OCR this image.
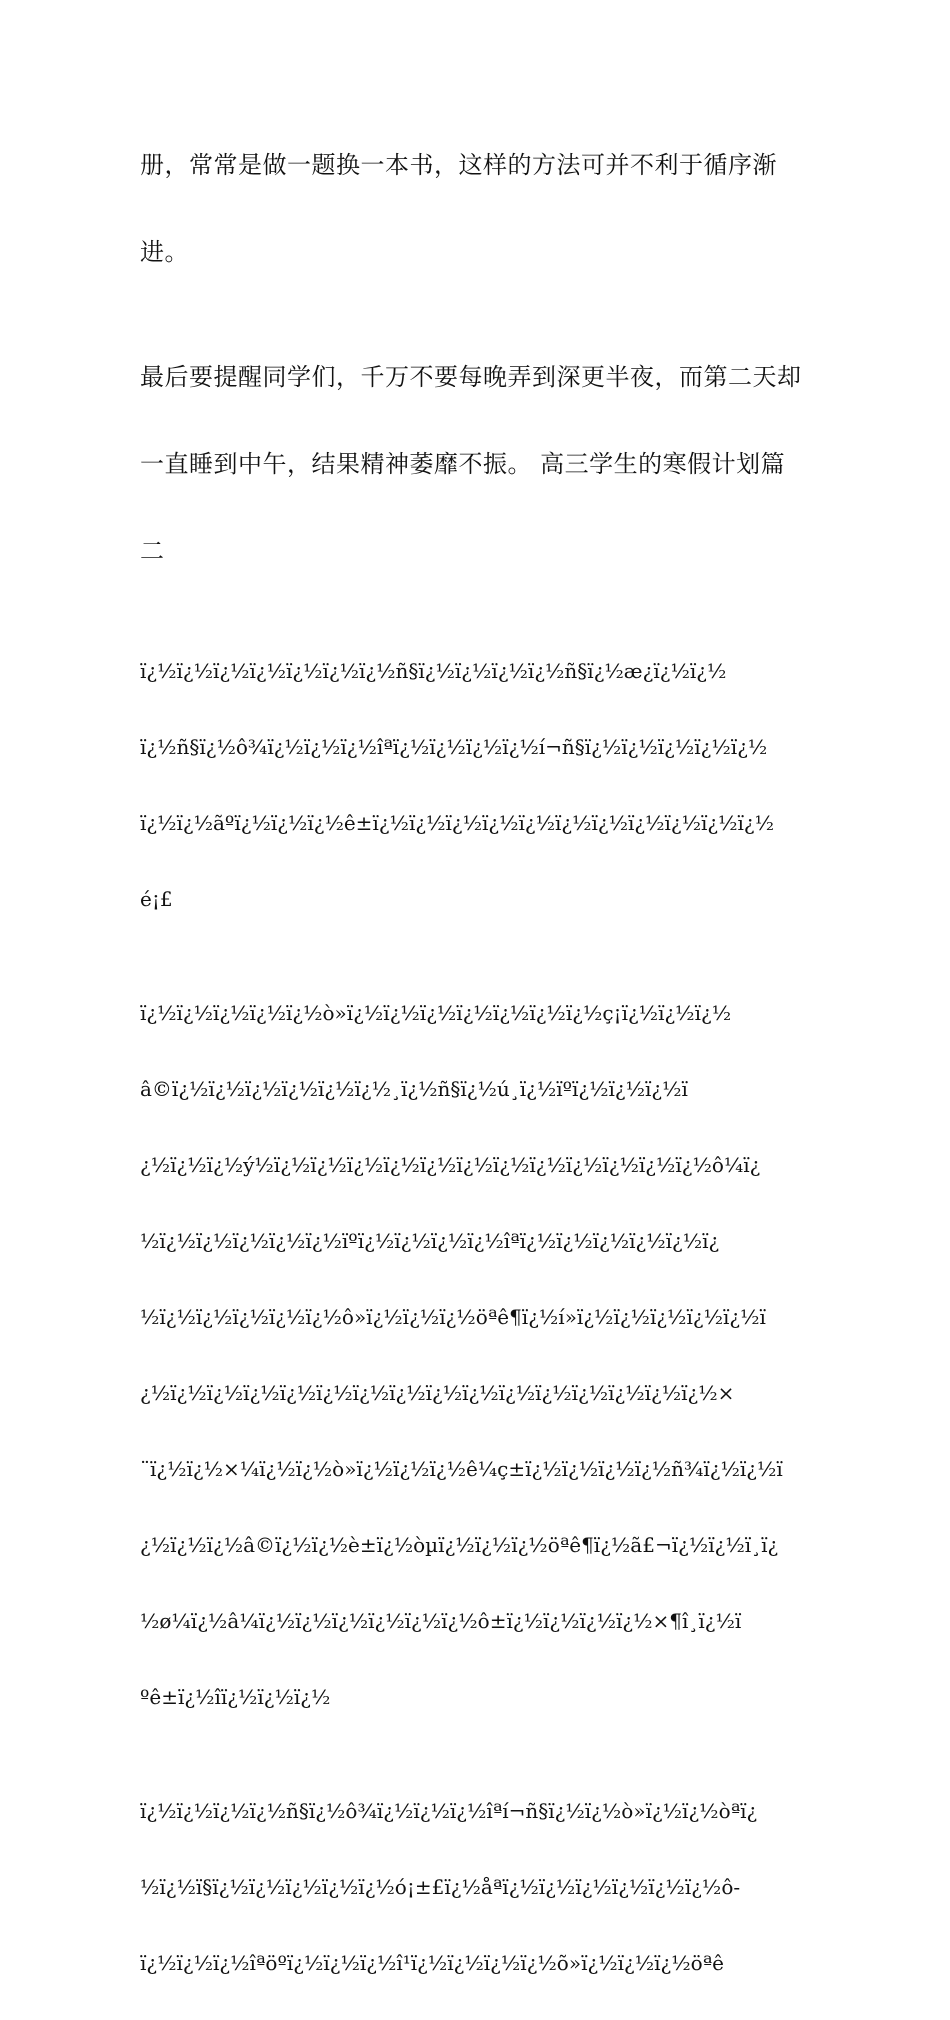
册，常常是做一题换一本书，这样的方法可并不利于循序渐

进。

最后要提醒同学们，千万不要每晚弄到深更半夜，而第二天却

一直睡到中午，结果精神萎靡不振。 高三学生的寒假计划篇

二

ï¿½ï¿½ï¿½ï¿½ï¿½ï¿½ï¿½ñ§ï¿½ï¿½ï¿½ï¿½ñ§ï¿½æ¿ï¿½ï¿½

ï¿½ñ§ï¿½ô¾ï¿½ï¿½ï¿½îªï¿½ï¿½ï¿½ï¿½í¬ñ§ï¿½ï¿½ï¿½ï¿½ï¿½

ï¿½ï¿½ãºï¿½ï¿½ï¿½ê±ï¿½ï¿½ï¿½ï¿½ï¿½ï¿½ï¿½ï¿½ï¿½ï¿½ï¿½

é¡£

ï¿½ï¿½ï¿½ï¿½ï¿½ò»ï¿½ï¿½ï¿½ï¿½ï¿½ï¿½ï¿½ç¡ï¿½ï¿½ï¿½

â©ï¿½ï¿½ï¿½ï¿½ï¿½ï¿½¸ï¿½ñ§ï¿½ú¸ï¿½ïºï¿½ï¿½ï¿½ï

¿½ï¿½ï¿½ý½ï¿½ï¿½ï¿½ï¿½ï¿½ï¿½ï¿½ï¿½ï¿½ï¿½ï¿½ï¿½ô¼ï¿

½ï¿½ï¿½ï¿½ï¿½ï¿½ïºï¿½ï¿½ï¿½ï¿½îªï¿½ï¿½ï¿½ï¿½ï¿½ï¿

½ï¿½ï¿½ï¿½ï¿½ï¿½ô»ï¿½ï¿½ï¿½öªê¶ï¿½í»ï¿½ï¿½ï¿½ï¿½ï¿½ï

¿½ï¿½ï¿½ï¿½ï¿½ï¿½ï¿½ï¿½ï¿½ï¿½ï¿½ï¿½ï¿½ï¿½ï¿½ï¿½×

¨ï¿½ï¿½×¼ï¿½ï¿½ò»ï¿½ï¿½ï¿½ê¼ç±ï¿½ï¿½ï¿½ï¿½ñ¾ï¿½ï¿½ï

¿½ï¿½ï¿½â©ï¿½ï¿½è±ï¿½òµï¿½ï¿½ï¿½öªê¶ï¿½ã£¬ï¿½ï¿½ï¸ï¿

½ø¼ï¿½â¼ï¿½ï¿½ï¿½ï¿½ï¿½ï¿½ô±ï¿½ï¿½ï¿½ï¿½×¶î¸ï¿½ï

ºê±ï¿½îï¿½ï¿½ï¿½

ï¿½ï¿½ï¿½ï¿½ñ§ï¿½ô¾ï¿½ï¿½ï¿½îªí¬ñ§ï¿½ï¿½ò»ï¿½ï¿½òªï¿

½ï¿½ï§ï¿½ï¿½ï¿½ï¿½ï¿½ó¡±£ï¿½åªï¿½ï¿½ï¿½ï¿½ï¿½ï¿½ô-

ï¿½ï¿½ï¿½îªöºï¿½ï¿½ï¿½î¹ï¿½ï¿½ï¿½ï¿½õ»ï¿½ï¿½ï¿½öªê
